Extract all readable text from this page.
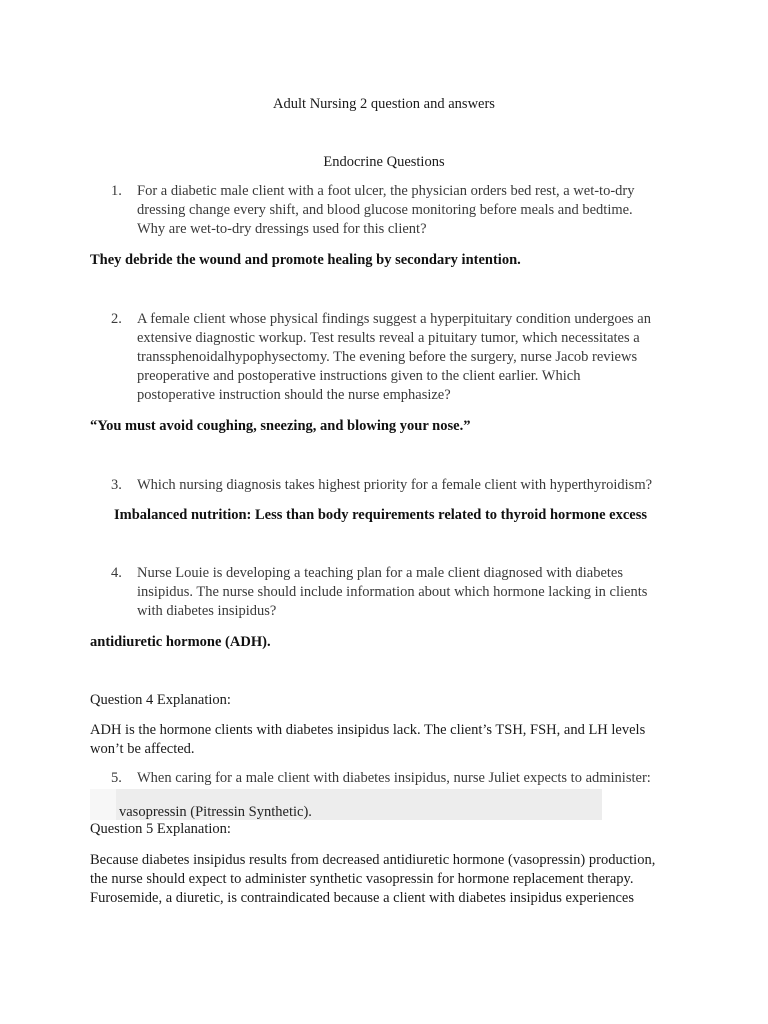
Adult Nursing 2 question and answers

Endocrine Questions

1. For a diabetic male client with a foot ulcer, the physician orders bed rest, a wet-to-dry
dressing change every shift, and blood glucose monitoring before meals and bedtime.
Why are wet-to-dry dressings used for this client?

They debride the wound and promote healing by secondary intention.

2. A female client whose physical findings suggest a hyperpituitary condition undergoes an
extensive diagnostic workup. Test results reveal a pituitary tumor, which necessitates a
transsphenoidalhypophysectomy. The evening before the surgery, nurse Jacob reviews
preoperative and postoperative instructions given to the client earlier. Which
postoperative instruction should the nurse emphasize?

“You must avoid coughing, sneezing, and blowing your nose.”

3. Which nursing diagnosis takes highest priority for a female client with hyperthyroidism?

Imbalanced nutrition: Less than body requirements related to thyroid hormone excess

4. Nurse Louie is developing a teaching plan for a male client diagnosed with diabetes
insipidus. The nurse should include information about which hormone lacking in clients
with diabetes insipidus?

antidiuretic hormone (ADH).

Question 4 Explanation:

ADH is the hormone clients with diabetes insipidus lack. The client’s TSH, FSH, and LH levels
won’t be affected.
5. When caring for a male client with diabetes insipidus, nurse Juliet expects to administer:

vasopressin (Pitressin Synthetic).

Question 5 Explanation:

Because diabetes insipidus results from decreased antidiuretic hormone (vasopressin) production,
the nurse should expect to administer synthetic vasopressin for hormone replacement therapy.
Furosemide, a diuretic, is contraindicated because a client with diabetes insipidus experiences
